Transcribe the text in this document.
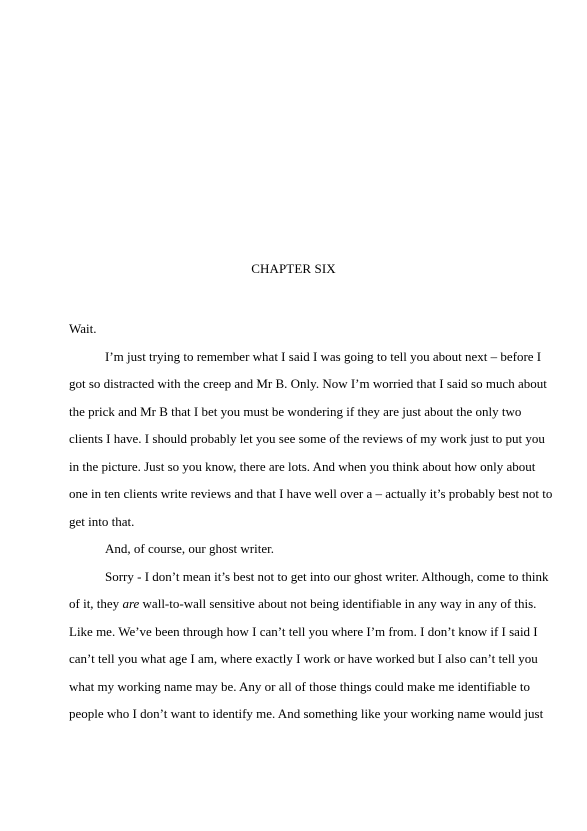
CHAPTER SIX
Wait.
I’m just trying to remember what I said I was going to tell you about next – before I
got so distracted with the creep and Mr B. Only. Now I’m worried that I said so much about
the prick and Mr B that I bet you must be wondering if they are just about the only two
clients I have. I should probably let you see some of the reviews of my work just to put you
in the picture. Just so you know, there are lots. And when you think about how only about
one in ten clients write reviews and that I have well over a – actually it’s probably best not to
get into that.
And, of course, our ghost writer.
Sorry - I don’t mean it’s best not to get into our ghost writer. Although, come to think
of it, they are wall-to-wall sensitive about not being identifiable in any way in any of this.
Like me. We’ve been through how I can’t tell you where I’m from. I don’t know if I said I
can’t tell you what age I am, where exactly I work or have worked but I also can’t tell you
what my working name may be. Any or all of those things could make me identifiable to
people who I don’t want to identify me. And something like your working name would just
